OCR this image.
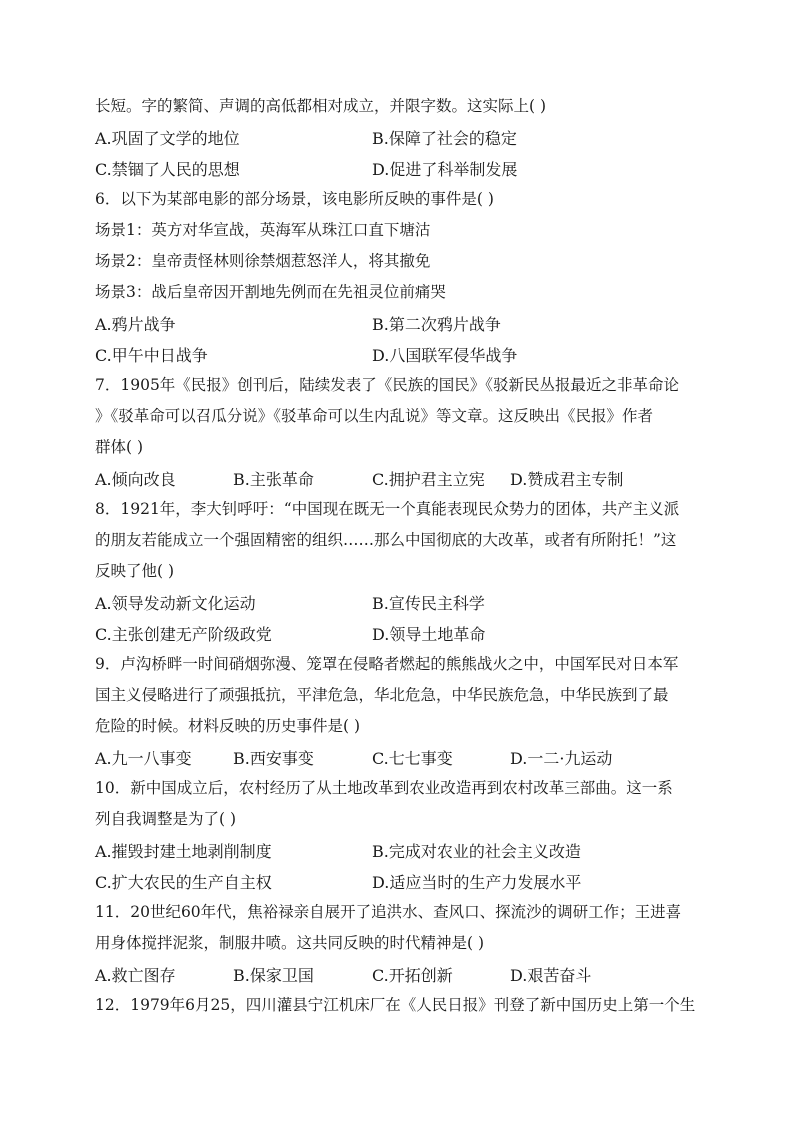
长短。字的繁简、声调的高低都相对成立，并限字数。这实际上( )
A.巩固了文学的地位	B.保障了社会的稳定
C.禁锢了人民的思想	D.促进了科举制发展
6．以下为某部电影的部分场景，该电影所反映的事件是( )
场景1：英方对华宣战，英海军从珠江口直下塘沽
场景2：皇帝责怪林则徐禁烟惹怒洋人，将其撤免
场景3：战后皇帝因开割地先例而在先祖灵位前痛哭
A.鸦片战争	B.第二次鸦片战争
C.甲午中日战争	D.八国联军侵华战争
7．1905年《民报》创刊后，陆续发表了《民族的国民》《驳新民丛报最近之非革命论
》《驳革命可以召瓜分说》《驳革命可以生内乱说》等文章。这反映出《民报》作者
群体( )
A.倾向改良	B.主张革命	C.拥护君主立宪 D.赞成君主专制
8．1921年，李大钊呼吁：“中国现在既无一个真能表现民众势力的团体，共产主义派
的朋友若能成立一个强固精密的组织……那么中国彻底的大改革，或者有所附托！”这
反映了他( )
A.领导发动新文化运动	B.宣传民主科学
C.主张创建无产阶级政党	D.领导土地革命
9．卢沟桥畔一时间硝烟弥漫、笼罩在侵略者燃起的熊熊战火之中，中国军民对日本军
国主义侵略进行了顽强抵抗，平津危急，华北危急，中华民族危急，中华民族到了最
危险的时候。材料反映的历史事件是( )
A.九一八事变	B.西安事变	C.七七事变	D.一二·九运动
10．新中国成立后，农村经历了从土地改革到农业改造再到农村改革三部曲。这一系
列自我调整是为了( )
A.摧毁封建土地剥削制度	B.完成对农业的社会主义改造
C.扩大农民的生产自主权	D.适应当时的生产力发展水平
11．20世纪60年代，焦裕禄亲自展开了追洪水、查风口、探流沙的调研工作；王进喜
用身体搅拌泥浆，制服井喷。这共同反映的时代精神是( )
A.救亡图存	B.保家卫国	C.开拓创新	D.艰苦奋斗
12．1979年6月25，四川灌县宁江机床厂在《人民日报》刊登了新中国历史上第一个生
